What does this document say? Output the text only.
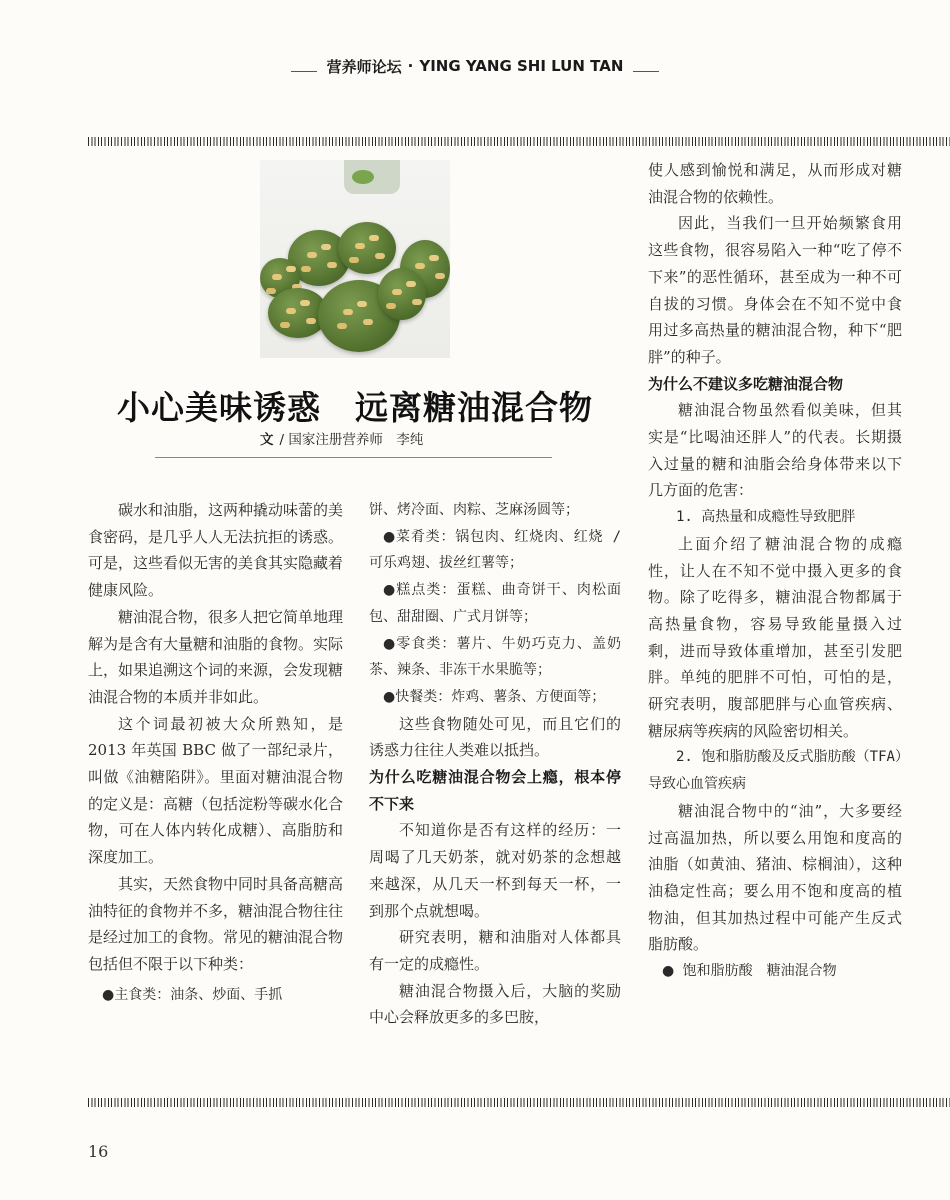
营养师论坛 · YING YANG SHI LUN TAN
小心美味诱惑　远离糖油混合物
文 / 国家注册营养师　李纯

碳水和油脂，这两种撬动味蕾的美食密码，是几乎人人无法抗拒的诱惑。可是，这些看似无害的美食其实隐藏着健康风险。

糖油混合物，很多人把它简单地理解为是含有大量糖和油脂的食物。实际上，如果追溯这个词的来源，会发现糖油混合物的本质并非如此。

这个词最初被大众所熟知，是 2013 年英国 BBC 做了一部纪录片，叫做《油糖陷阱》。里面对糖油混合物的定义是：高糖（包括淀粉等碳水化合物，可在人体内转化成糖）、高脂肪和深度加工。

其实，天然食物中同时具备高糖高油特征的食物并不多，糖油混合物往往是经过加工的食物。常见的糖油混合物包括但不限于以下种类：

●主食类：油条、炒面、手抓

饼、烤冷面、肉粽、芝麻汤圆等；

●菜肴类：锅包肉、红烧肉、红烧 / 可乐鸡翅、拔丝红薯等；

●糕点类：蛋糕、曲奇饼干、肉松面包、甜甜圈、广式月饼等；

●零食类：薯片、牛奶巧克力、盖奶茶、辣条、非冻干水果脆等；

●快餐类：炸鸡、薯条、方便面等；

这些食物随处可见，而且它们的诱惑力往往人类难以抵挡。

为什么吃糖油混合物会上瘾，根本停不下来

不知道你是否有这样的经历：一周喝了几天奶茶，就对奶茶的念想越来越深，从几天一杯到每天一杯，一到那个点就想喝。

研究表明，糖和油脂对人体都具有一定的成瘾性。

糖油混合物摄入后，大脑的奖励中心会释放更多的多巴胺，

使人感到愉悦和满足，从而形成对糖油混合物的依赖性。

因此，当我们一旦开始频繁食用这些食物，很容易陷入一种“吃了停不下来”的恶性循环，甚至成为一种不可自拔的习惯。身体会在不知不觉中食用过多高热量的糖油混合物，种下“肥胖”的种子。

为什么不建议多吃糖油混合物

糖油混合物虽然看似美味，但其实是“比喝油还胖人”的代表。长期摄入过量的糖和油脂会给身体带来以下几方面的危害：

1. 高热量和成瘾性导致肥胖

上面介绍了糖油混合物的成瘾性，让人在不知不觉中摄入更多的食物。除了吃得多，糖油混合物都属于高热量食物，容易导致能量摄入过剩，进而导致体重增加，甚至引发肥胖。单纯的肥胖不可怕，可怕的是，研究表明，腹部肥胖与心血管疾病、糖尿病等疾病的风险密切相关。

2. 饱和脂肪酸及反式脂肪酸（TFA）导致心血管疾病

糖油混合物中的“油”，大多要经过高温加热，所以要么用饱和度高的油脂（如黄油、猪油、棕榈油），这种油稳定性高；要么用不饱和度高的植物油，但其加热过程中可能产生反式脂肪酸。

● 饱和脂肪酸　糖油混合物

16
